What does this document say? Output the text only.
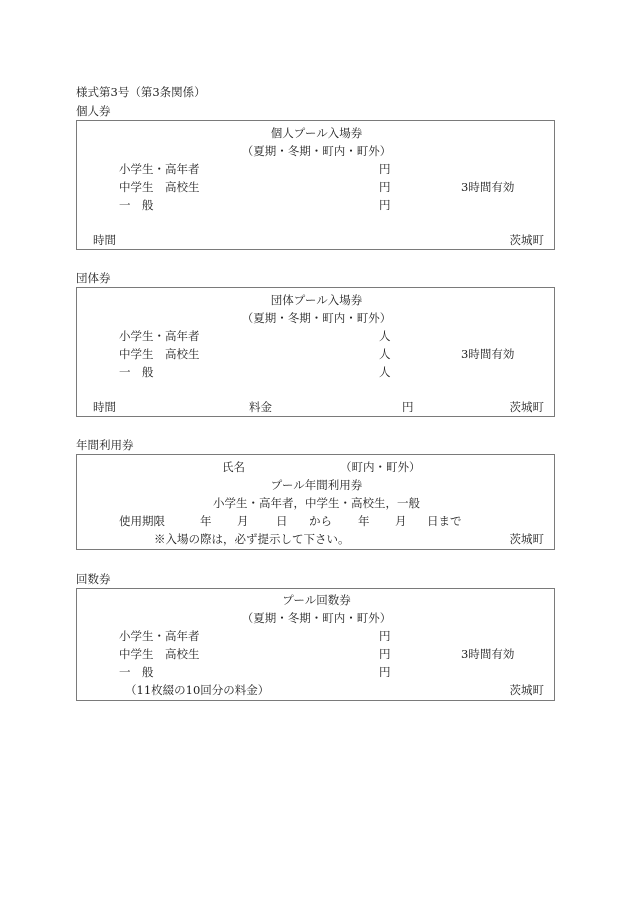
様式第3号（第3条関係）
個人券
個人プール入場券
（夏期・冬期・町内・町外）
小学生・高年者	円
中学生　高校生	円	3時間有効
一　般	円
時間	茨城町
団体券
団体プール入場券
（夏期・冬期・町内・町外）
小学生・高年者	人
中学生　高校生	人	3時間有効
一　般	人
時間	料金	円	茨城町
年間利用券
氏名	（町内・町外）
プール年間利用券
小学生・高年者，中学生・高校生，一般
使用期限	年 月 日 から 年 月 日まで
※入場の際は，必ず提示して下さい。	茨城町
回数券
プール回数券
（夏期・冬期・町内・町外）
小学生・高年者	円
中学生　高校生	円	3時間有効
一　般	円
（11枚綴の10回分の料金）	茨城町
